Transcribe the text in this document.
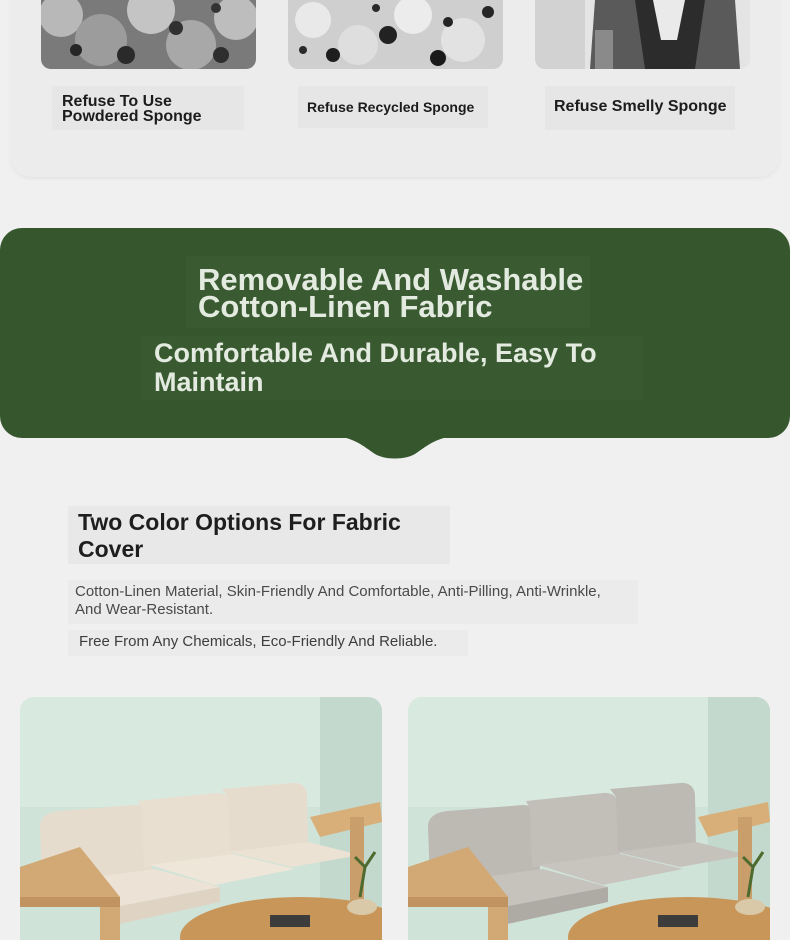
Refuse To Use
Powdered Sponge
Refuse Recycled Sponge	Refuse Smelly Sponge
Removable And Washable
Cotton-Linen Fabric
Comfortable And Durable, Easy To
Maintain
Two Color Options For Fabric
Cover
Cotton-Linen Material, Skin-Friendly And Comfortable, Anti-Pilling, Anti-Wrinkle,
And Wear-Resistant.
Free From Any Chemicals, Eco-Friendly And Reliable.
